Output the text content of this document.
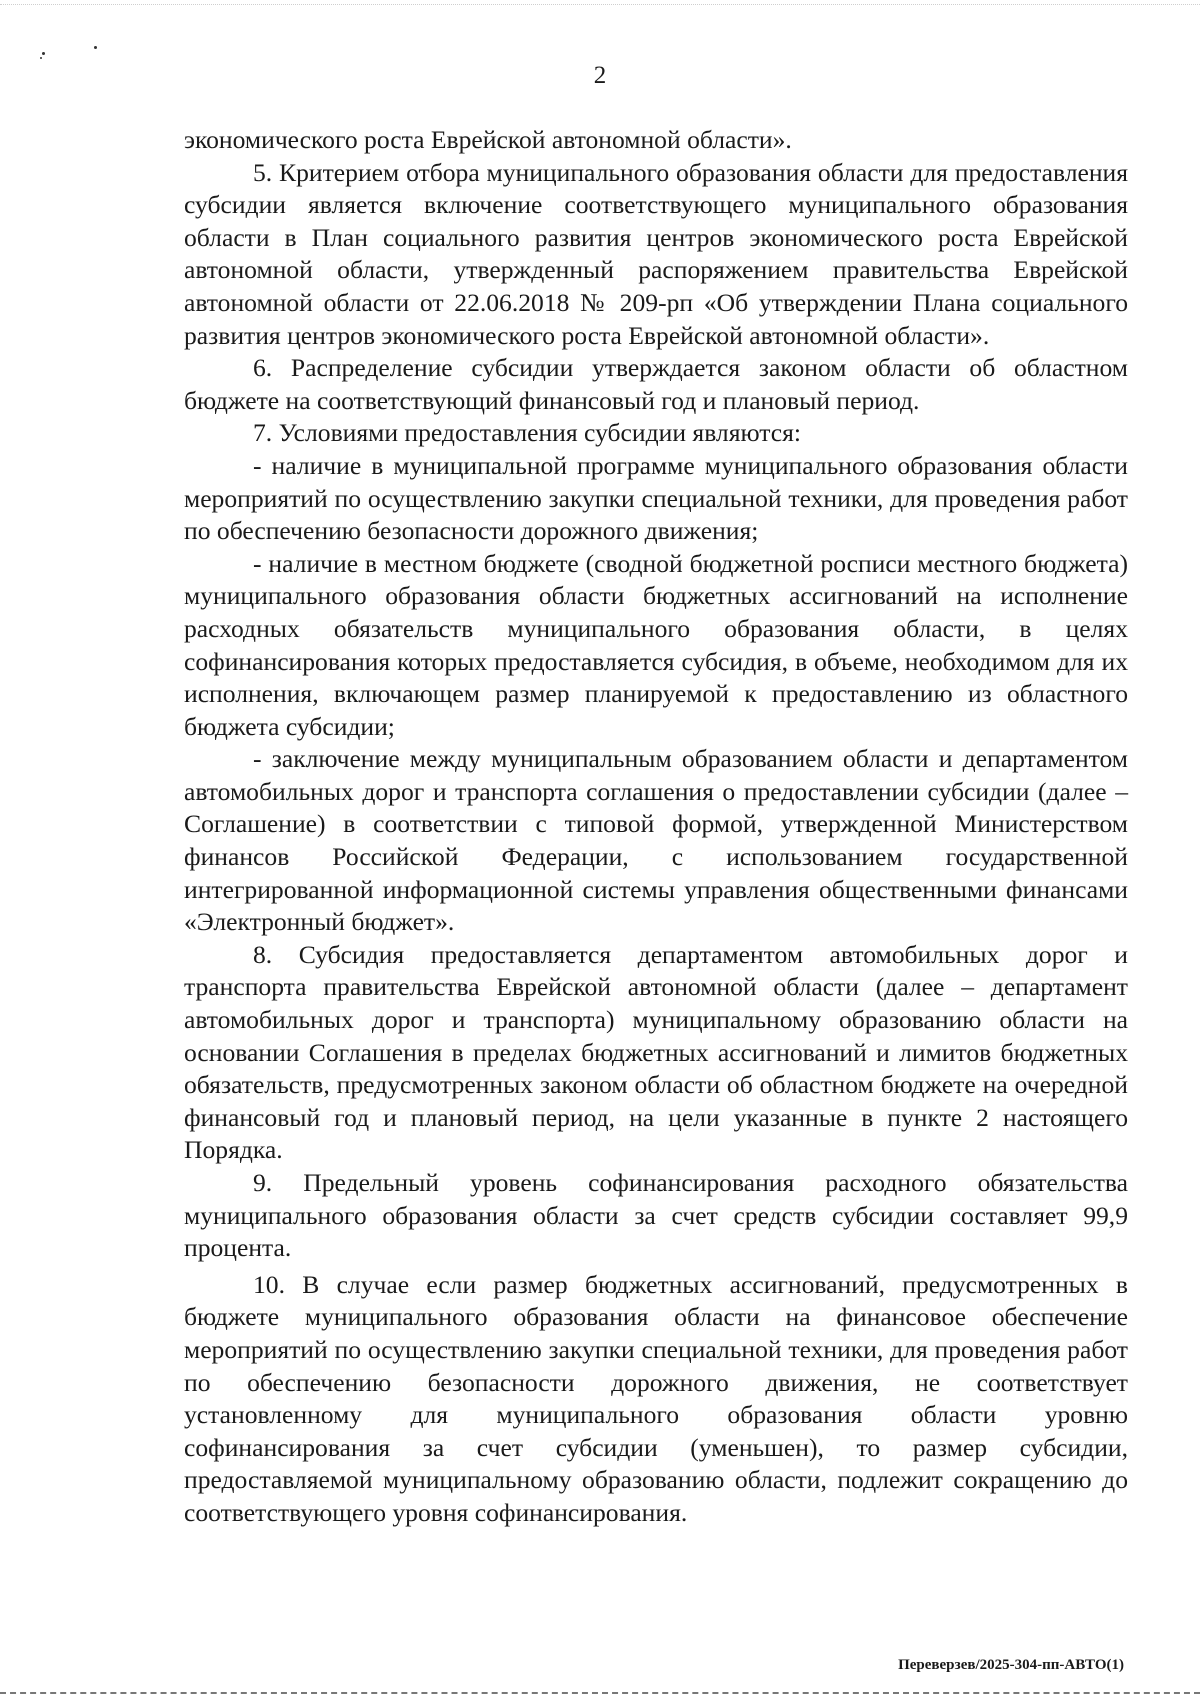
2

экономического роста Еврейской автономной области».

5. Критерием отбора муниципального образования области для предоставления субсидии является включение соответствующего муниципального образования области в План социального развития центров экономического роста Еврейской автономной области, утвержденный распоряжением правительства Еврейской автономной области от 22.06.2018 № 209-рп «Об утверждении Плана социального развития центров экономического роста Еврейской автономной области».

6. Распределение субсидии утверждается законом области об областном бюджете на соответствующий финансовый год и плановый период.

7. Условиями предоставления субсидии являются:

- наличие в муниципальной программе муниципального образования области мероприятий по осуществлению закупки специальной техники, для проведения работ по обеспечению безопасности дорожного движения;

- наличие в местном бюджете (сводной бюджетной росписи местного бюджета) муниципального образования области бюджетных ассигнований на исполнение расходных обязательств муниципального образования области, в целях софинансирования которых предоставляется субсидия, в объеме, необходимом для их исполнения, включающем размер планируемой к предоставлению из областного бюджета субсидии;

- заключение между муниципальным образованием области и департаментом автомобильных дорог и транспорта соглашения о предоставлении субсидии (далее – Соглашение) в соответствии с типовой формой, утвержденной Министерством финансов Российской Федерации, с использованием государственной интегрированной информационной системы управления общественными финансами «Электронный бюджет».

8. Субсидия предоставляется департаментом автомобильных дорог и транспорта правительства Еврейской автономной области (далее – департамент автомобильных дорог и транспорта) муниципальному образованию области на основании Соглашения в пределах бюджетных ассигнований и лимитов бюджетных обязательств, предусмотренных законом области об областном бюджете на очередной финансовый год и плановый период, на цели указанные в пункте 2 настоящего Порядка.

9. Предельный уровень софинансирования расходного обязательства муниципального образования области за счет средств субсидии составляет 99,9 процента.

10. В случае если размер бюджетных ассигнований, предусмотренных в бюджете муниципального образования области на финансовое обеспечение мероприятий по осуществлению закупки специальной техники, для проведения работ по обеспечению безопасности дорожного движения, не соответствует установленному для муниципального образования области уровню софинансирования за счет субсидии (уменьшен), то размер субсидии, предоставляемой муниципальному образованию области, подлежит сокращению до соответствующего уровня софинансирования.

Переверзев/2025-304-пп-АВТО(1)
